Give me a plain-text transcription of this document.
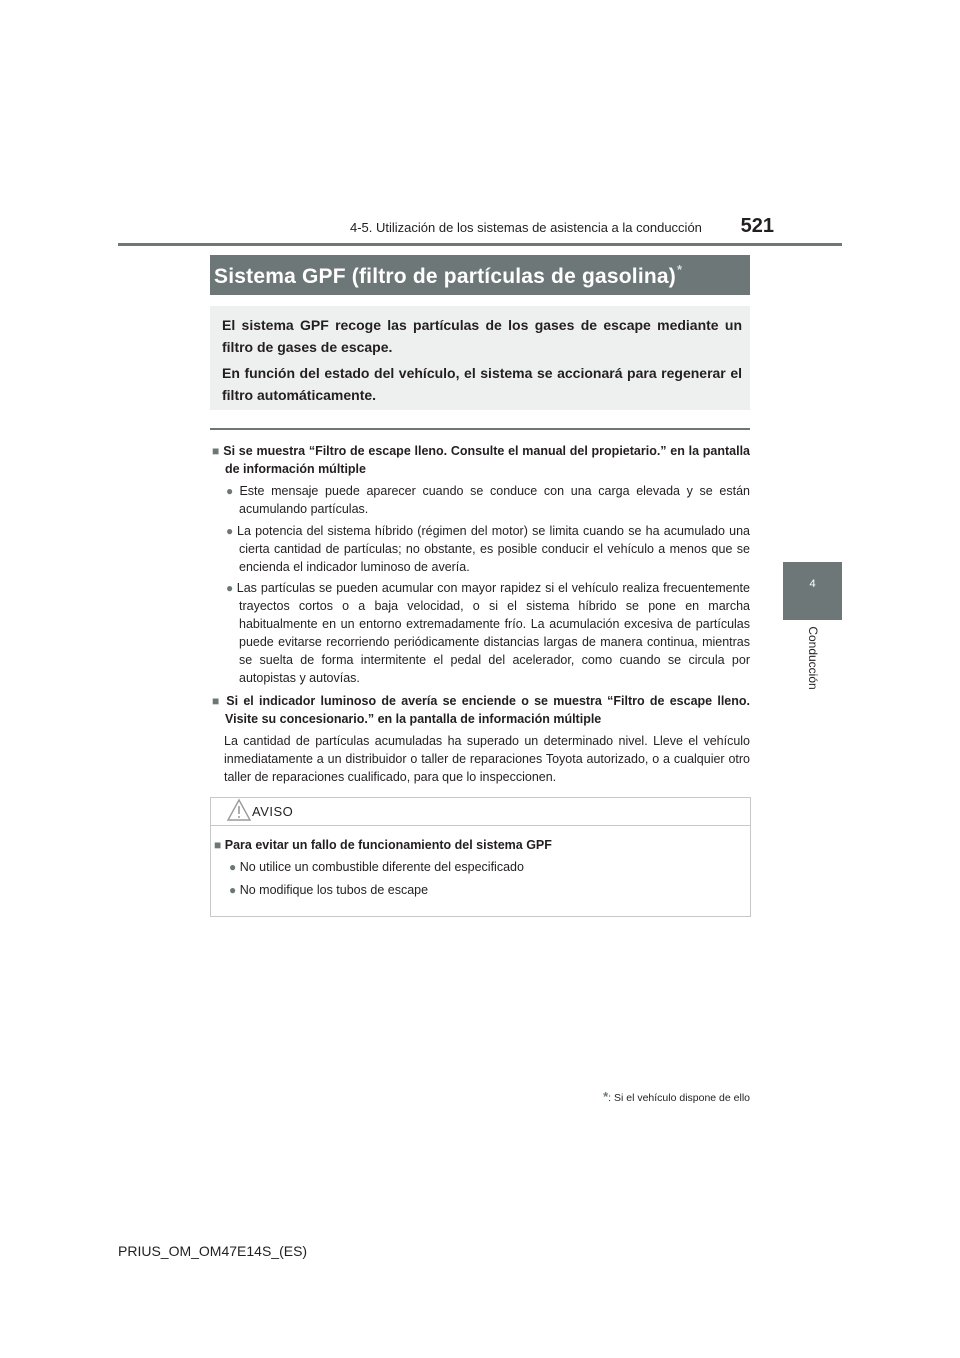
4-5. Utilización de los sistemas de asistencia a la conducción	521
4
Conducción
Sistema GPF (filtro de partículas de gasolina)*
El sistema GPF recoge las partículas de los gases de escape mediante un filtro de gases de escape.
En función del estado del vehículo, el sistema se accionará para regenerar el filtro automáticamente.
■ Si se muestra “Filtro de escape lleno. Consulte el manual del propietario.” en la pantalla de información múltiple
● Este mensaje puede aparecer cuando se conduce con una carga elevada y se están acumulando partículas.
● La potencia del sistema híbrido (régimen del motor) se limita cuando se ha acumulado una cierta cantidad de partículas; no obstante, es posible conducir el vehículo a menos que se encienda el indicador luminoso de avería.
● Las partículas se pueden acumular con mayor rapidez si el vehículo realiza frecuentemente trayectos cortos o a baja velocidad, o si el sistema híbrido se pone en marcha habitualmente en un entorno extremadamente frío. La acumulación excesiva de partículas puede evitarse recorriendo periódicamente distancias largas de manera continua, mientras se suelta de forma intermitente el pedal del acelerador, como cuando se circula por autopistas y autovías.
■ Si el indicador luminoso de avería se enciende o se muestra “Filtro de escape lleno. Visite su concesionario.” en la pantalla de información múltiple
La cantidad de partículas acumuladas ha superado un determinado nivel. Lleve el vehículo inmediatamente a un distribuidor o taller de reparaciones Toyota autorizado, o a cualquier otro taller de reparaciones cualificado, para que lo inspeccionen.
AVISO
■ Para evitar un fallo de funcionamiento del sistema GPF
● No utilice un combustible diferente del especificado
● No modifique los tubos de escape
*: Si el vehículo dispone de ello
PRIUS_OM_OM47E14S_(ES)
